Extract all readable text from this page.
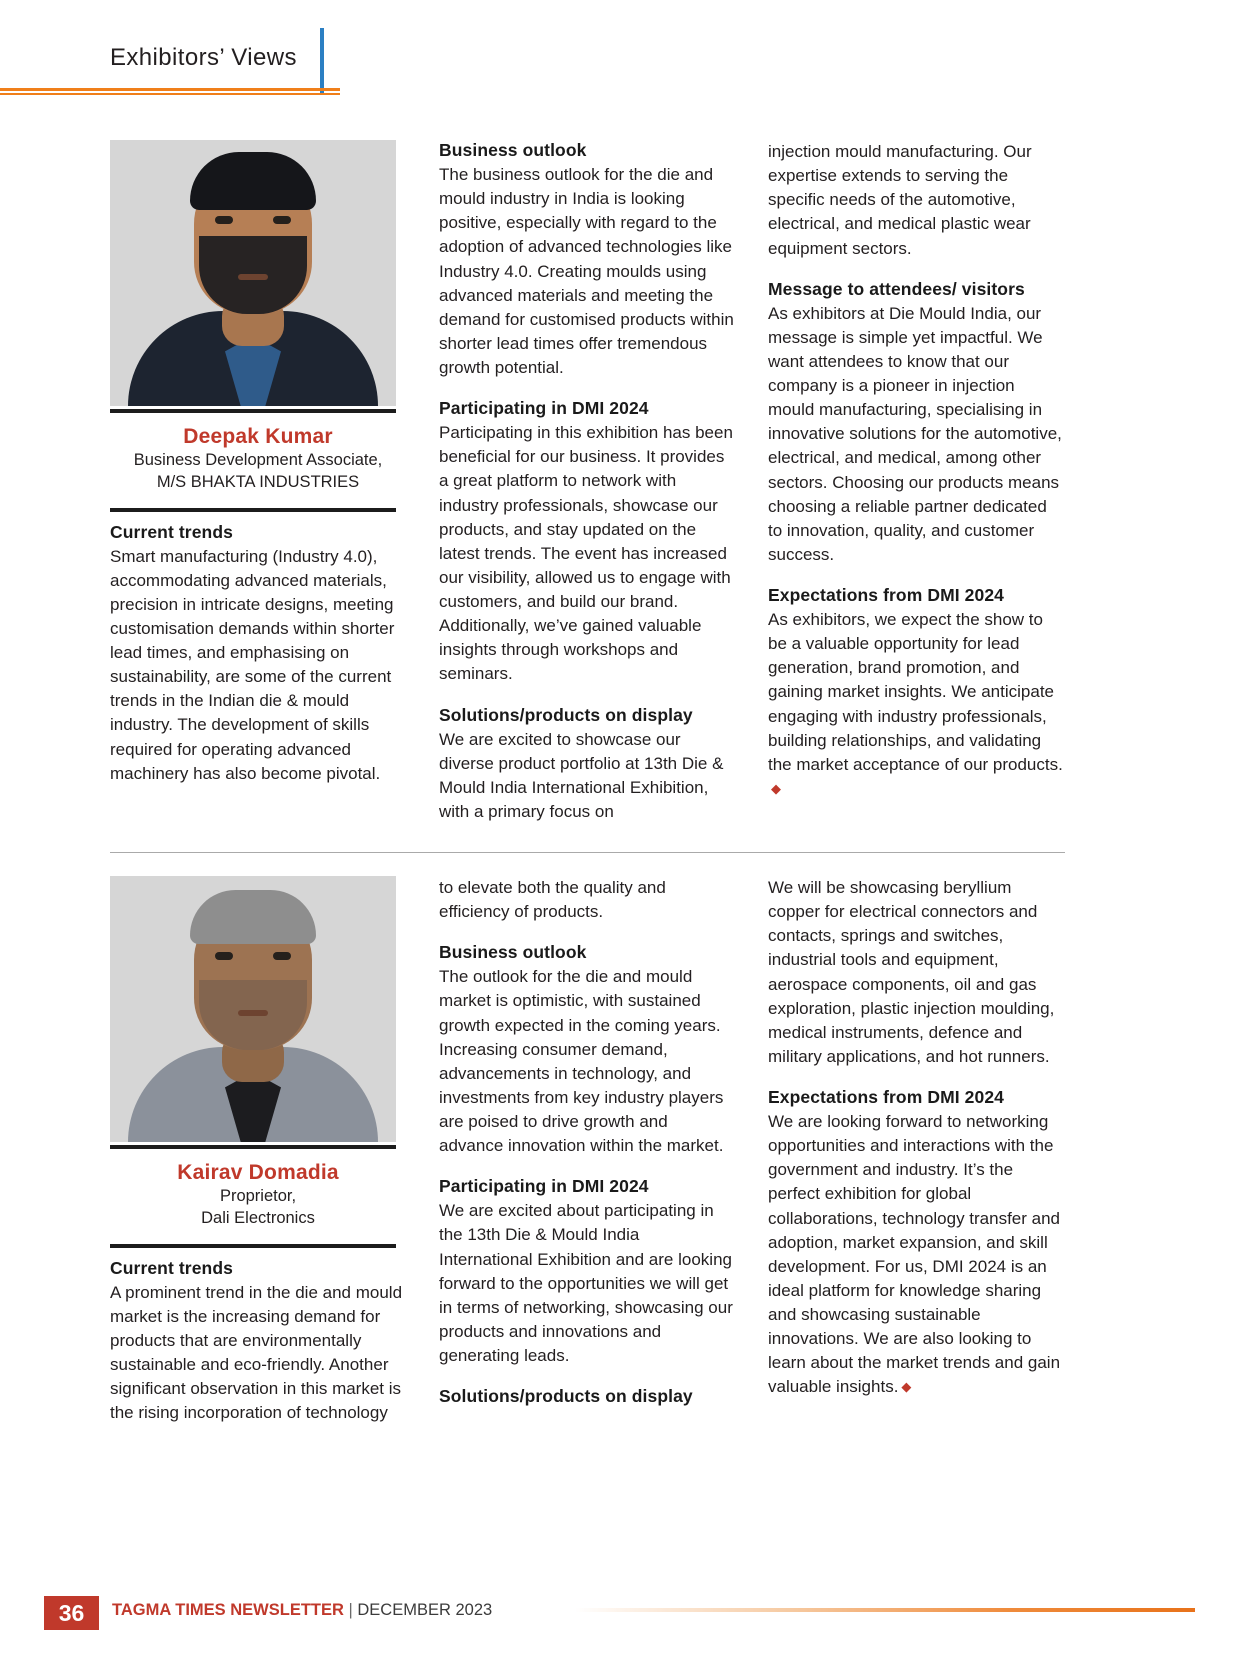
Exhibitors’ Views
Deepak Kumar
Business Development Associate,
M/S BHAKTA INDUSTRIES
Current trends

Smart manufacturing (Industry 4.0), accommodating advanced materials, precision in intricate designs, meeting customisation demands within shorter lead times, and emphasising on sustainability, are some of the current trends in the Indian die & mould industry. The development of skills required for operating advanced machinery has also become pivotal.

Business outlook

The business outlook for the die and mould industry in India is looking positive, especially with regard to the adoption of advanced technologies like Industry 4.0. Creating moulds using advanced materials and meeting the demand for customised products within shorter lead times offer tremendous growth potential.

Participating in DMI 2024

Participating in this exhibition has been beneficial for our business. It provides a great platform to network with industry professionals, showcase our products, and stay updated on the latest trends. The event has increased our visibility, allowed us to engage with customers, and build our brand. Additionally, we’ve gained valuable insights through workshops and seminars.

Solutions/products on display

We are excited to showcase our diverse product portfolio at 13th Die & Mould India International Exhibition, with a primary focus on

injection mould manufacturing. Our expertise extends to serving the specific needs of the automotive, electrical, and medical plastic wear equipment sectors.

Message to attendees/ visitors

As exhibitors at Die Mould India, our message is simple yet impactful. We want attendees to know that our company is a pioneer in injection mould manufacturing, specialising in innovative solutions for the automotive, electrical, and medical, among other sectors. Choosing our products means choosing a reliable partner dedicated to innovation, quality, and customer success.

Expectations from DMI 2024

As exhibitors, we expect the show to be a valuable opportunity for lead generation, brand promotion, and gaining market insights. We anticipate engaging with industry professionals, building relationships, and validating the market acceptance of our products.◆

Kairav Domadia
Proprietor,
Dali Electronics
Current trends

A prominent trend in the die and mould market is the increasing demand for products that are environmentally sustainable and eco-friendly. Another significant observation in this market is the rising incorporation of technology

to elevate both the quality and efficiency of products.

Business outlook

The outlook for the die and mould market is optimistic, with sustained growth expected in the coming years. Increasing consumer demand, advancements in technology, and investments from key industry players are poised to drive growth and advance innovation within the market.

Participating in DMI 2024

We are excited about participating in the 13th Die & Mould India International Exhibition and are looking forward to the opportunities we will get in terms of networking, showcasing our products and innovations and generating leads.

Solutions/products on display

We will be showcasing beryllium copper for electrical connectors and contacts, springs and switches, industrial tools and equipment, aerospace components, oil and gas exploration, plastic injection moulding, medical instruments, defence and military applications, and hot runners.

Expectations from DMI 2024

We are looking forward to networking opportunities and interactions with the government and industry. It’s the perfect exhibition for global collaborations, technology transfer and adoption, market expansion, and skill development. For us, DMI 2024 is an ideal platform for knowledge sharing and showcasing sustainable innovations. We are also looking to learn about the market trends and gain valuable insights. ◆

36	TAGMA TIMES NEWSLETTER | DECEMBER 2023
